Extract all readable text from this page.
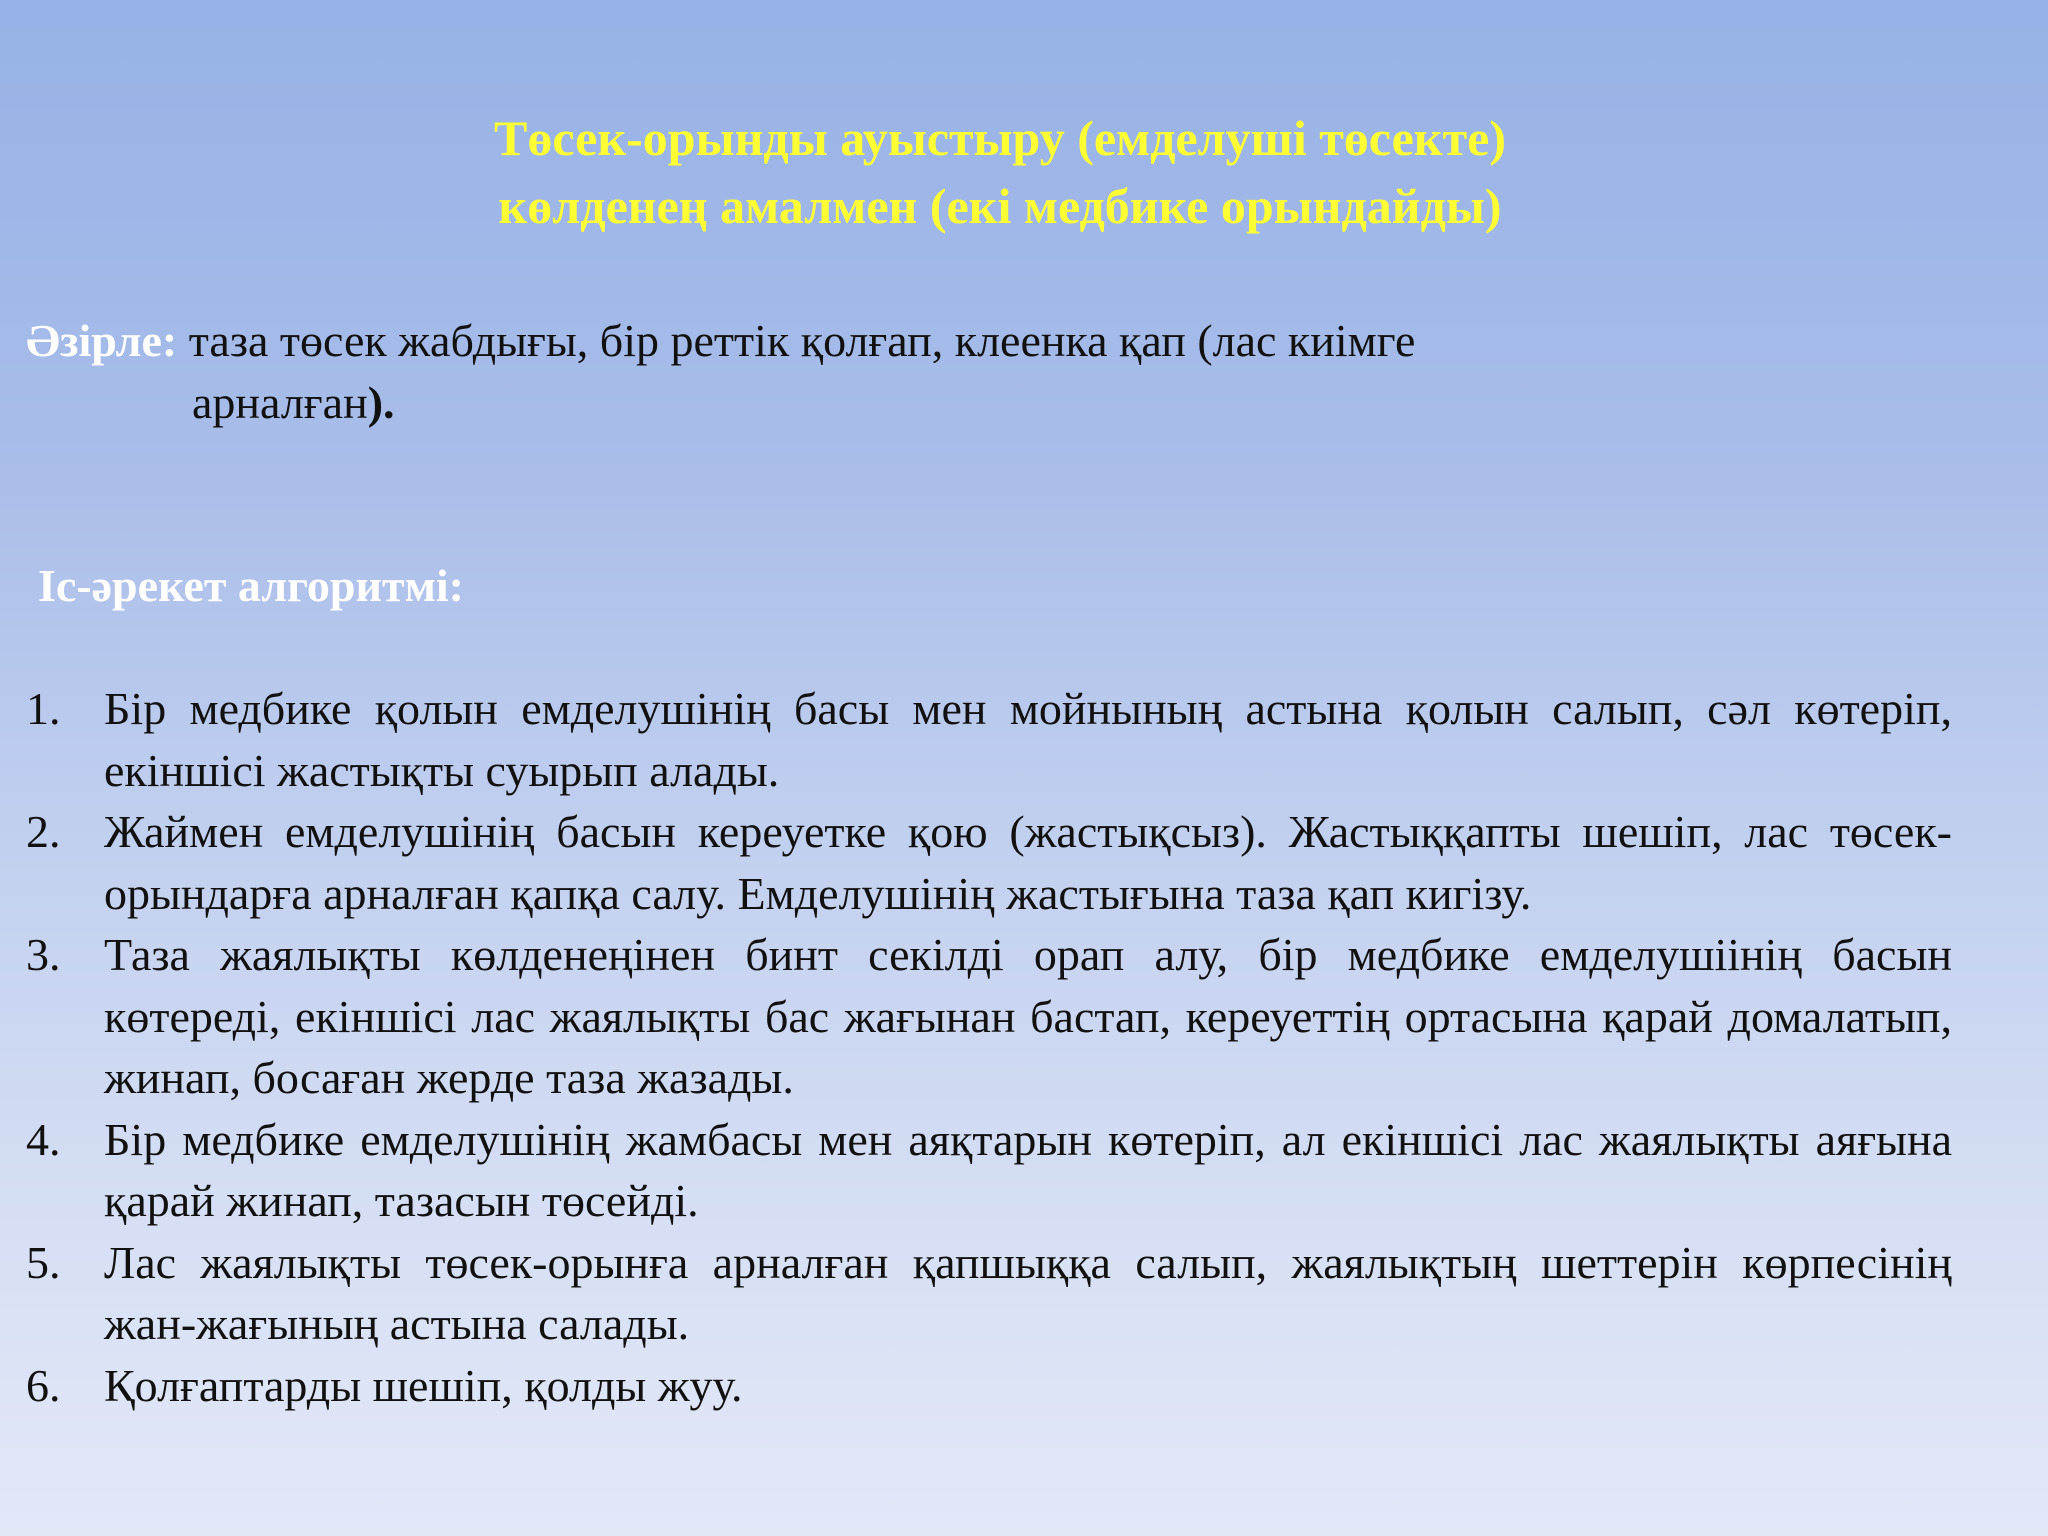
Төсек-орынды ауыстыру (емделуші төсекте)
көлденең амалмен (екі медбике орындайды)
Әзірле: таза төсек жабдығы, бір реттік қолғап, клеенка қап (лас киімге
арналған).
Іс-әрекет алгоритмі:
1. Бір медбике қолын емделушінің басы мен мойнының астына қолын салып, сәл көтеріп, екіншісі жастықты суырып алады.
2. Жаймен емделушінің басын кереуетке қою (жастықсыз). Жастыққапты шешіп, лас төсек-орындарға арналған қапқа салу. Емделушінің жастығына таза қап кигізу.
3. Таза жаялықты көлденеңінен бинт секілді орап алу, бір медбике емделушіінің басын көтереді, екіншісі лас жаялықты бас жағынан бастап, кереуеттің ортасына қарай домалатып, жинап, босаған жерде таза жазады.
4. Бір медбике емделушінің жамбасы мен аяқтарын көтеріп, ал екіншісі лас жаялықты аяғына қарай жинап, тазасын төсейді.
5. Лас жаялықты төсек-орынға арналған қапшыққа салып, жаялықтың шеттерін көрпесінің жан-жағының астына салады.
6. Қолғаптарды шешіп, қолды жуу.
